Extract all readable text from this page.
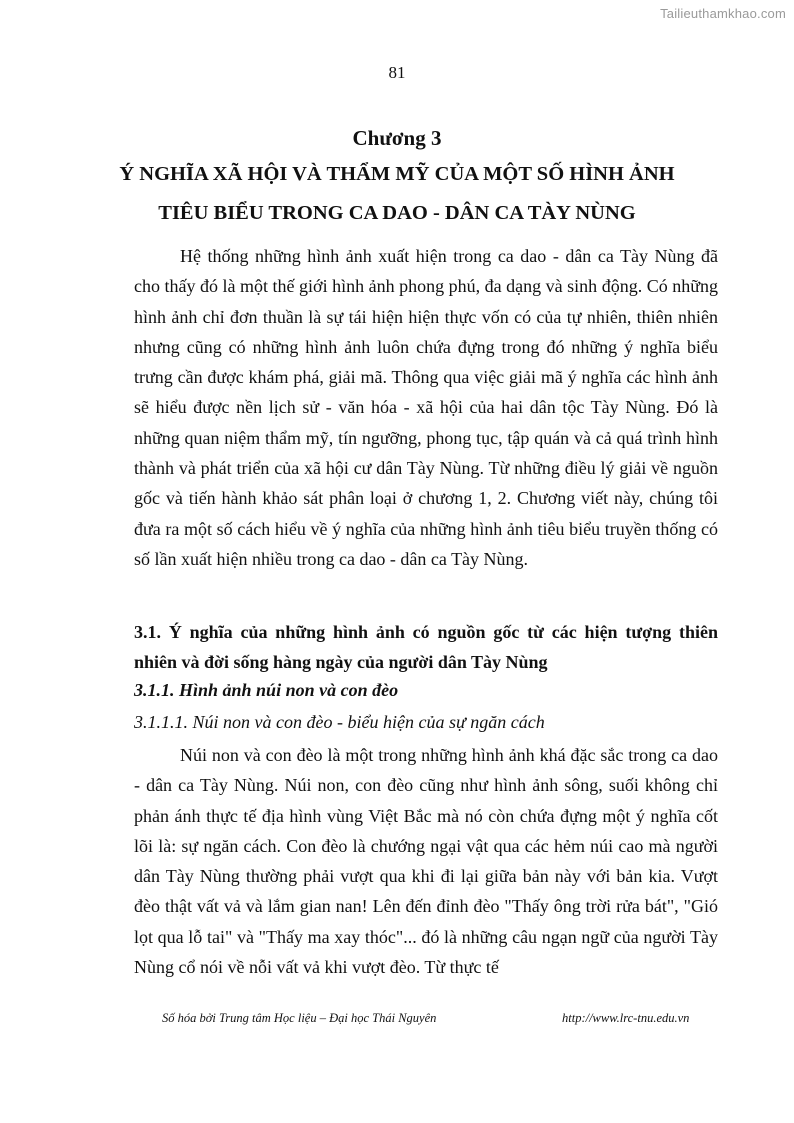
Tailieuthamkhao.com
81
Chương 3
Ý NGHĨA XÃ HỘI VÀ THẨM MỸ CỦA MỘT SỐ HÌNH ẢNH
TIÊU BIỂU TRONG CA DAO - DÂN CA TÀY NÙNG

Hệ thống những hình ảnh xuất hiện trong ca dao - dân ca Tày Nùng đã cho thấy đó là một thế giới hình ảnh phong phú, đa dạng và sinh động. Có những hình ảnh chỉ đơn thuần là sự tái hiện hiện thực vốn có của tự nhiên, thiên nhiên nhưng cũng có những hình ảnh luôn chứa đựng trong đó những ý nghĩa biểu trưng cần được khám phá, giải mã. Thông qua việc giải mã ý nghĩa các hình ảnh sẽ hiểu được nền lịch sử - văn hóa - xã hội của hai dân tộc Tày Nùng. Đó là những quan niệm thẩm mỹ, tín ngưỡng, phong tục, tập quán và cả quá trình hình thành và phát triển của xã hội cư dân Tày Nùng. Từ những điều lý giải về nguồn gốc và tiến hành khảo sát phân loại ở chương 1, 2. Chương viết này, chúng tôi đưa ra một số cách hiểu về ý nghĩa của những hình ảnh tiêu biểu truyền thống có số lần xuất hiện nhiều trong ca dao - dân ca Tày Nùng.

3.1. Ý nghĩa của những hình ảnh có nguồn gốc từ các hiện tượng thiên nhiên và đời sống hàng ngày của người dân Tày Nùng

3.1.1. Hình ảnh núi non và con đèo

3.1.1.1. Núi non và con đèo - biểu hiện của sự ngăn cách

Núi non và con đèo là một trong những hình ảnh khá đặc sắc trong ca dao - dân ca Tày Nùng. Núi non, con đèo cũng như hình ảnh sông, suối không chỉ phản ánh thực tế địa hình vùng Việt Bắc mà nó còn chứa đựng một ý nghĩa cốt lõi là: sự ngăn cách. Con đèo là chướng ngại vật qua các hẻm núi cao mà người dân Tày Nùng thường phải vượt qua khi đi lại giữa bản này với bản kia. Vượt đèo thật vất vả và lắm gian nan! Lên đến đỉnh đèo "Thấy ông trời rửa bát", "Gió lọt qua lỗ tai" và "Thấy ma xay thóc"... đó là những câu ngạn ngữ của người Tày Nùng cổ nói về nỗi vất vả khi vượt đèo. Từ thực tế

Số hóa bởi Trung tâm Học liệu – Đại học Thái Nguyên	http://www.lrc-tnu.edu.vn
